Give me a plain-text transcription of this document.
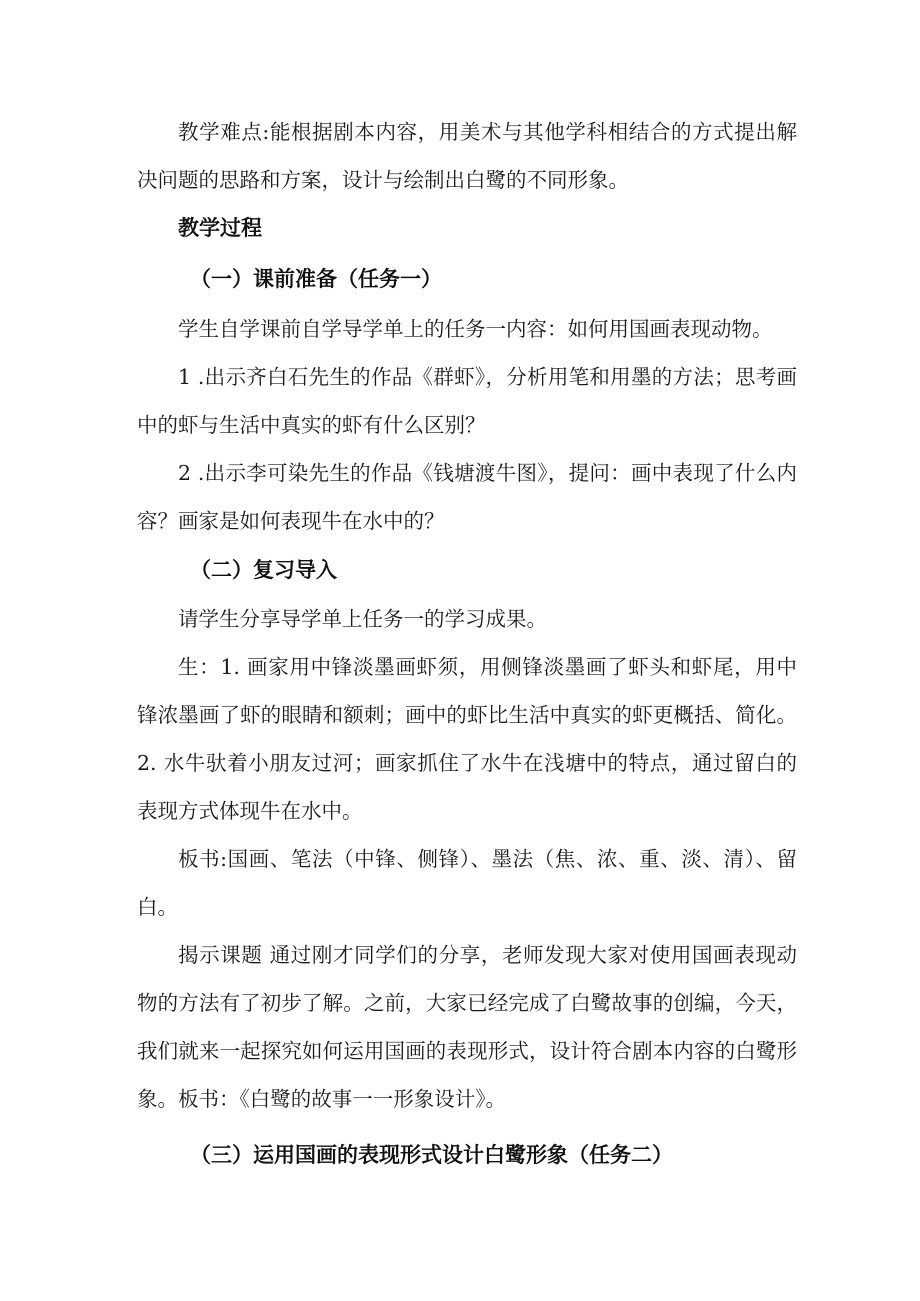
教学难点:能根据剧本内容，用美术与其他学科相结合的方式提出解决问题的思路和方案，设计与绘制出白鹭的不同形象。

教学过程
（一）课前准备（任务一）

学生自学课前自学导学单上的任务一内容：如何用国画表现动物。

1 .出示齐白石先生的作品《群虾》，分析用笔和用墨的方法；思考画中的虾与生活中真实的虾有什么区别？

2 .出示李可染先生的作品《钱塘渡牛图》，提问：画中表现了什么内容？画家是如何表现牛在水中的？

（二）复习导入

请学生分享导学单上任务一的学习成果。

生：1. 画家用中锋淡墨画虾须，用侧锋淡墨画了虾头和虾尾，用中锋浓墨画了虾的眼睛和额刺；画中的虾比生活中真实的虾更概括、简化。2. 水牛驮着小朋友过河；画家抓住了水牛在浅塘中的特点，通过留白的表现方式体现牛在水中。

板书:国画、笔法（中锋、侧锋）、墨法（焦、浓、重、淡、清）、留白。

揭示课题 通过刚才同学们的分享，老师发现大家对使用国画表现动物的方法有了初步了解。之前，大家已经完成了白鹭故事的创编，今天，我们就来一起探究如何运用国画的表现形式，设计符合剧本内容的白鹭形象。 板书：《白鹭的故事一一形象设计》。

（三）运用国画的表现形式设计白鹭形象（任务二）
